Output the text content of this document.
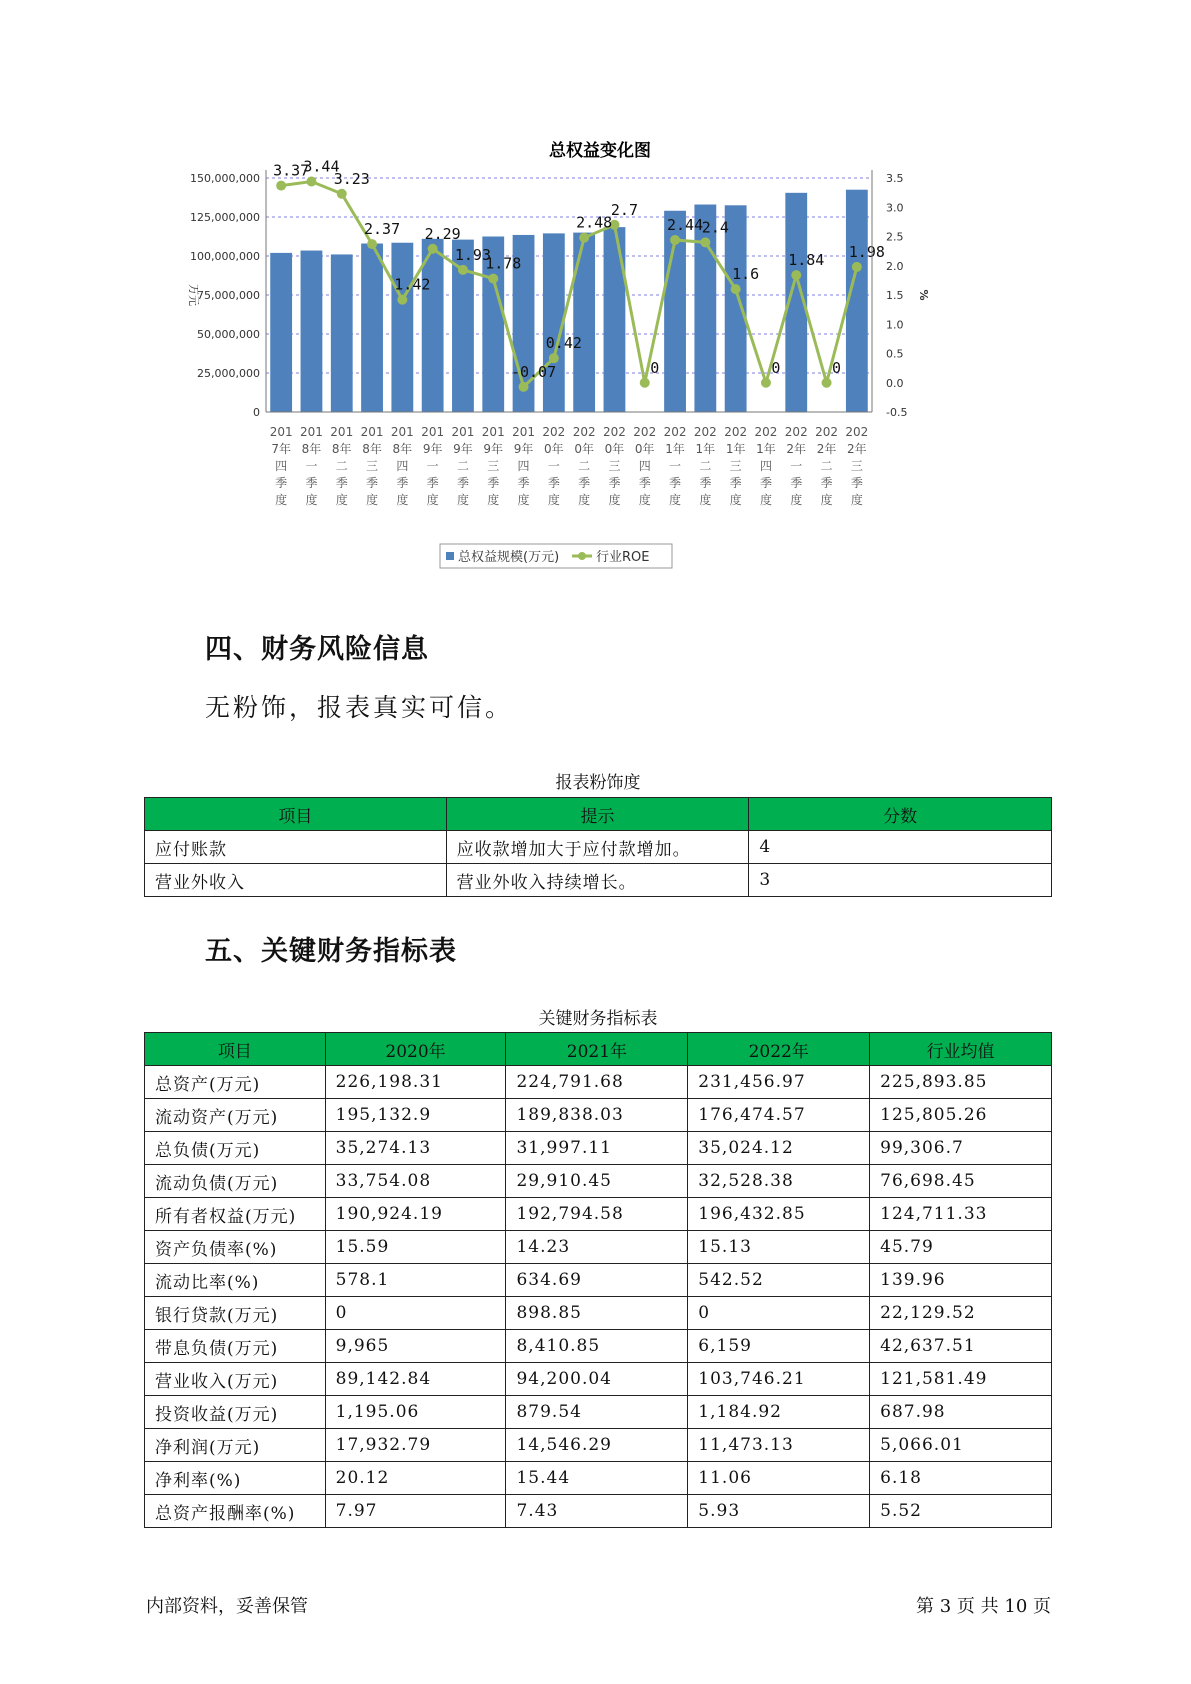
总权益变化图
3.37
3.44
3.23
2.37
1.42
2.29
1.93
1.78
-0.07
0.42
2.48
2.7
0
2.44
2.4
1.6
0
1.84
0
1.98
0
25,000,000
50,000,000
75,000,000
100,000,000
125,000,000
150,000,000
-0.5
0.0
0.5
1.0
1.5
2.0
2.5
3.0
3.5
万元	%
201 7年四季度
201 8年一季度
201 8年二季度
201 8年三季度
201 8年四季度
201 9年一季度
201 9年二季度
201 9年三季度
201 9年四季度
202 0年一季度
202 0年二季度
202 0年三季度
202 0年四季度
202 1年一季度
202 1年二季度
202 1年三季度
202 1年四季度
202 2年一季度
202 2年二季度
202 2年三季度
总权益规模(万元)	行业ROE
四、财务风险信息

无粉饰，报表真实可信。

报表粉饰度

项目	提示	分数
应付账款	应收款增加大于应付款增加。	4
营业外收入	营业外收入持续增长。	3
五、关键财务指标表

关键财务指标表

项目	2020年	2021年	2022年	行业均值
总资产(万元)	226,198.31	224,791.68	231,456.97	225,893.85
流动资产(万元)	195,132.9	189,838.03	176,474.57	125,805.26
总负债(万元)	35,274.13	31,997.11	35,024.12	99,306.7
流动负债(万元)	33,754.08	29,910.45	32,528.38	76,698.45
所有者权益(万元)	190,924.19	192,794.58	196,432.85	124,711.33
资产负债率(%)	15.59	14.23	15.13	45.79
流动比率(%)	578.1	634.69	542.52	139.96
银行贷款(万元)	0	898.85	0	22,129.52
带息负债(万元)	9,965	8,410.85	6,159	42,637.51
营业收入(万元)	89,142.84	94,200.04	103,746.21	121,581.49
投资收益(万元)	1,195.06	879.54	1,184.92	687.98
净利润(万元)	17,932.79	14,546.29	11,473.13	5,066.01
净利率(%)	20.12	15.44	11.06	6.18
总资产报酬率(%)	7.97	7.43	5.93	5.52
内部资料，妥善保管	第 3 页 共 10 页
